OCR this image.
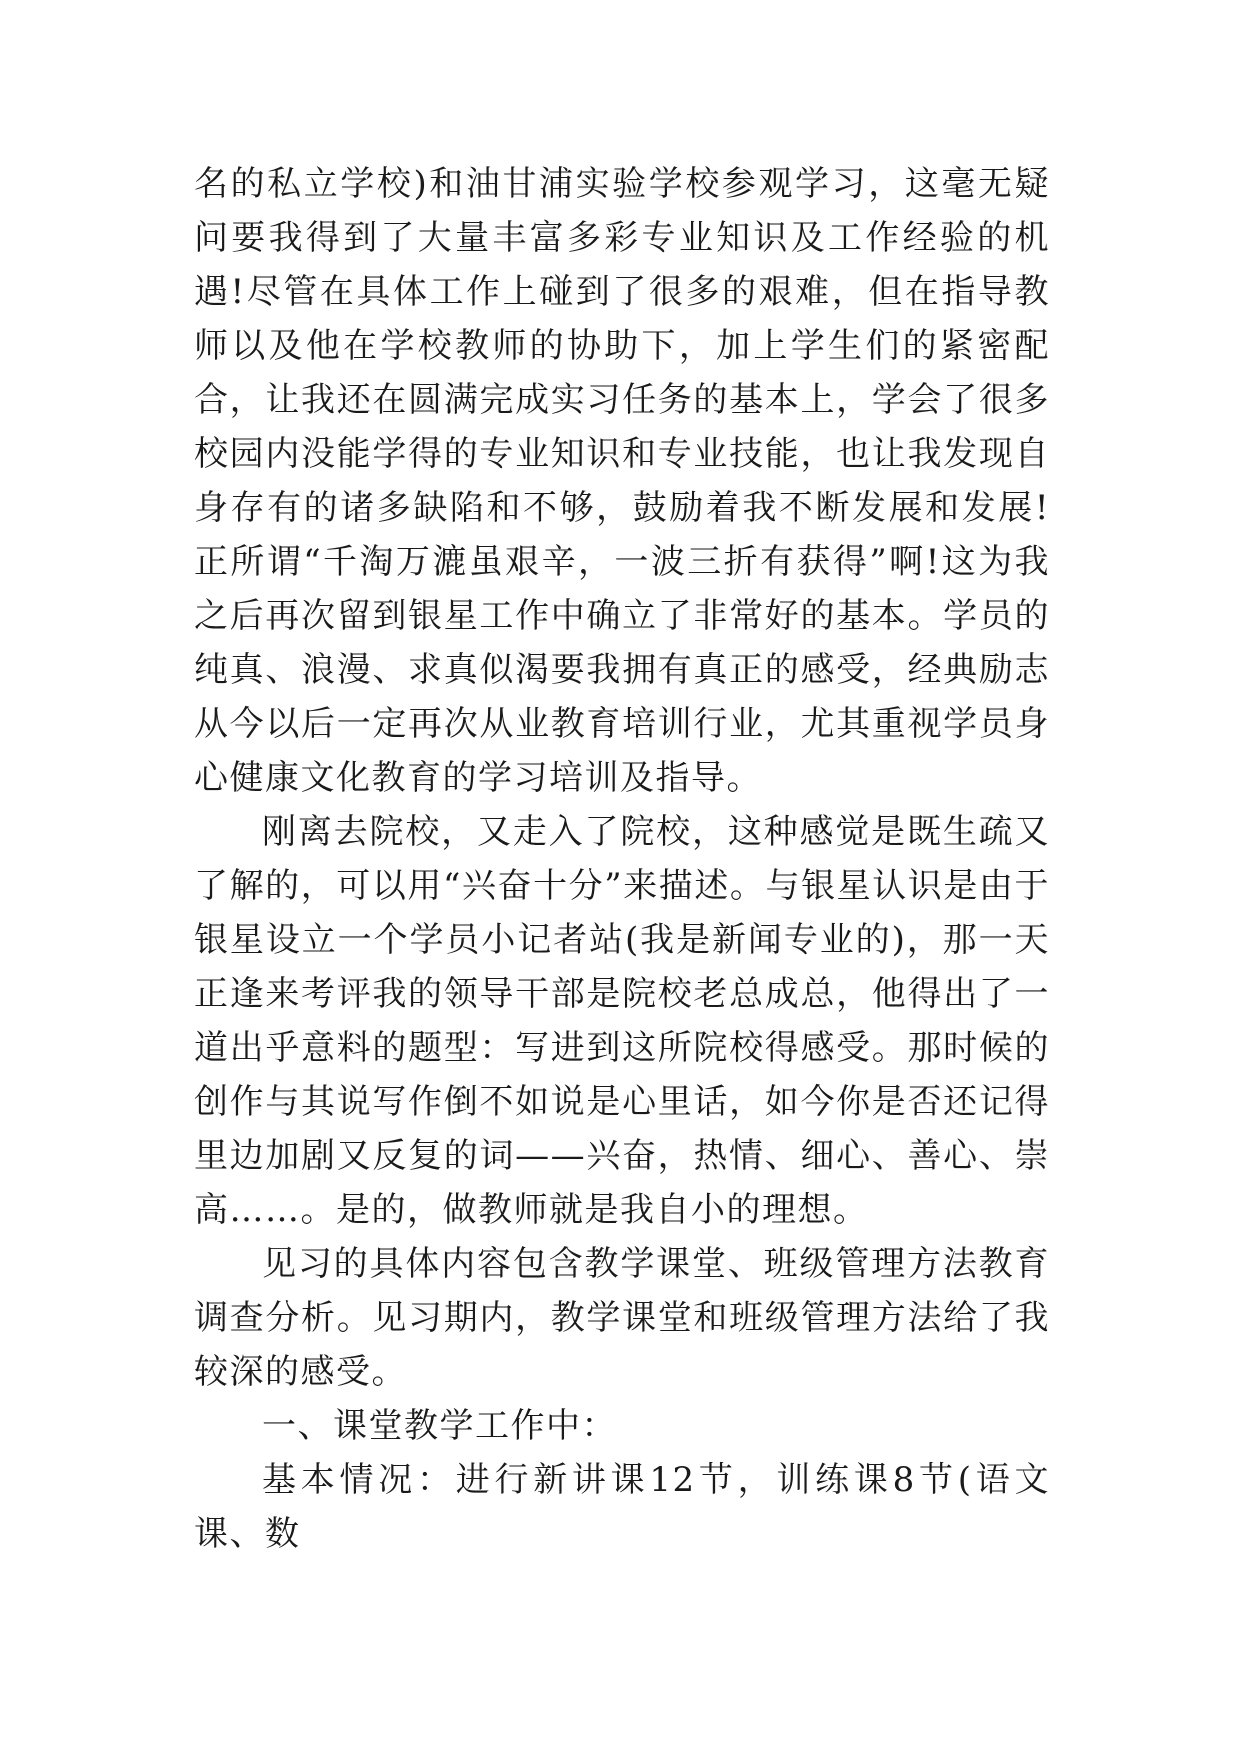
名的私立学校)和油甘浦实验学校参观学习，这毫无疑问要我得到了大量丰富多彩专业知识及工作经验的机遇!尽管在具体工作上碰到了很多的艰难，但在指导教师以及他在学校教师的协助下，加上学生们的紧密配合，让我还在圆满完成实习任务的基本上，学会了很多校园内没能学得的专业知识和专业技能，也让我发现自身存有的诸多缺陷和不够，鼓励着我不断发展和发展!正所谓“千淘万漉虽艰辛，一波三折有获得”啊!这为我之后再次留到银星工作中确立了非常好的基本。学员的纯真、浪漫、求真似渴要我拥有真正的感受，经典励志从今以后一定再次从业教育培训行业，尤其重视学员身心健康文化教育的学习培训及指导。

刚离去院校，又走入了院校，这种感觉是既生疏又了解的，可以用“兴奋十分”来描述。与银星认识是由于银星设立一个学员小记者站(我是新闻专业的)，那一天正逢来考评我的领导干部是院校老总成总，他得出了一道出乎意料的题型：写进到这所院校得感受。那时候的创作与其说写作倒不如说是心里话，如今你是否还记得里边加剧又反复的词——兴奋，热情、细心、善心、崇高……。是的，做教师就是我自小的理想。

见习的具体内容包含教学课堂、班级管理方法教育调查分析。见习期内，教学课堂和班级管理方法给了我较深的感受。

一、课堂教学工作中：

基本情况：进行新讲课12节，训练课8节(语文课、数
